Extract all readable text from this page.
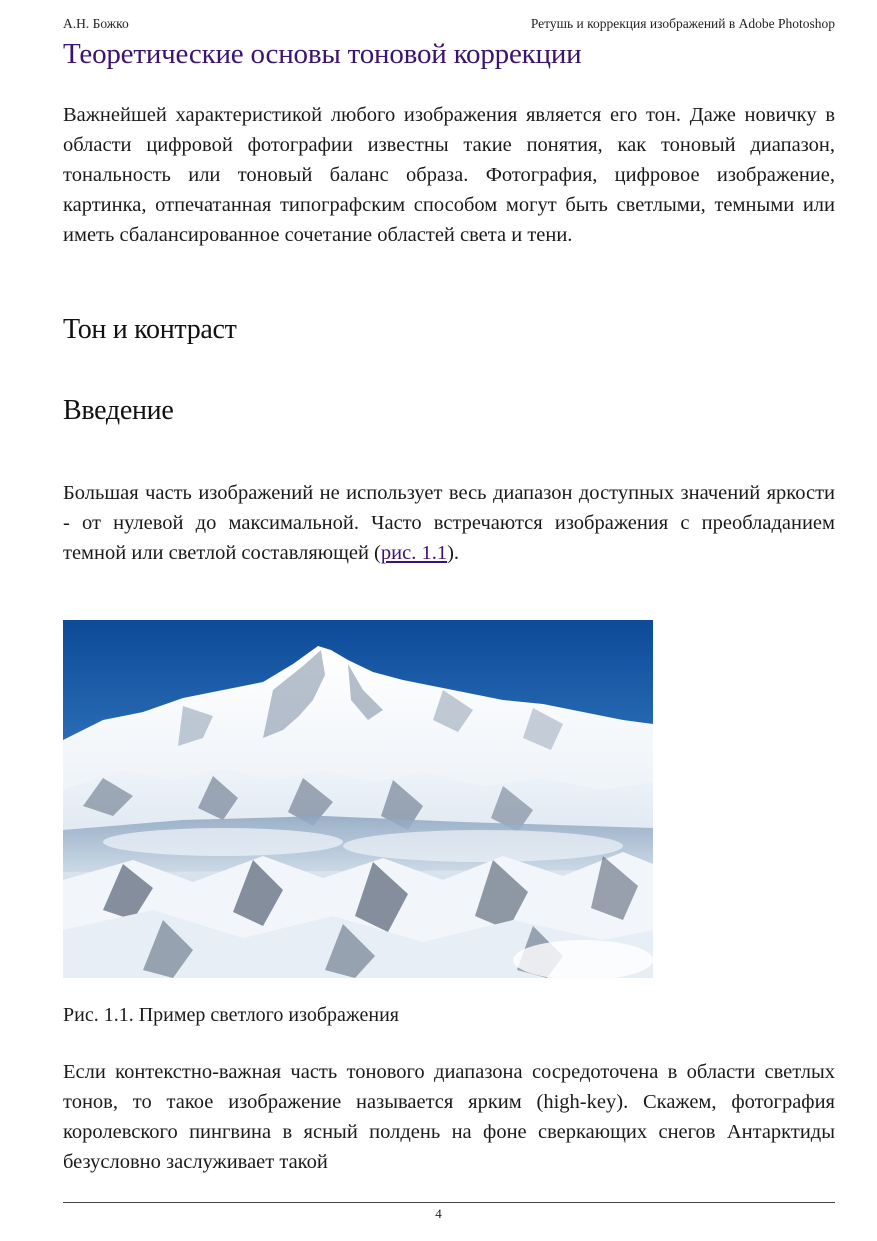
А.Н. Божко	Ретушь и коррекция изображений в Adobe Photoshop
Теоретические основы тоновой коррекции

Важнейшей характеристикой любого изображения является его тон. Даже новичку в области цифровой фотографии известны такие понятия, как тоновый диапазон, тональность или тоновый баланс образа. Фотография, цифровое изображение, картинка, отпечатанная типографским способом могут быть светлыми, темными или иметь сбалансированное сочетание областей света и тени.

Тон и контраст
Введение

Большая часть изображений не использует весь диапазон доступных значений яркости - от нулевой до максимальной. Часто встречаются изображения с преобладанием темной или светлой составляющей (рис. 1.1).

Рис. 1.1. Пример светлого изображения

Если контекстно-важная часть тонового диапазона сосредоточена в области светлых тонов, то такое изображение называется ярким (high-key). Скажем, фотография королевского пингвина в ясный полдень на фоне сверкающих снегов Антарктиды безусловно заслуживает такой

4
